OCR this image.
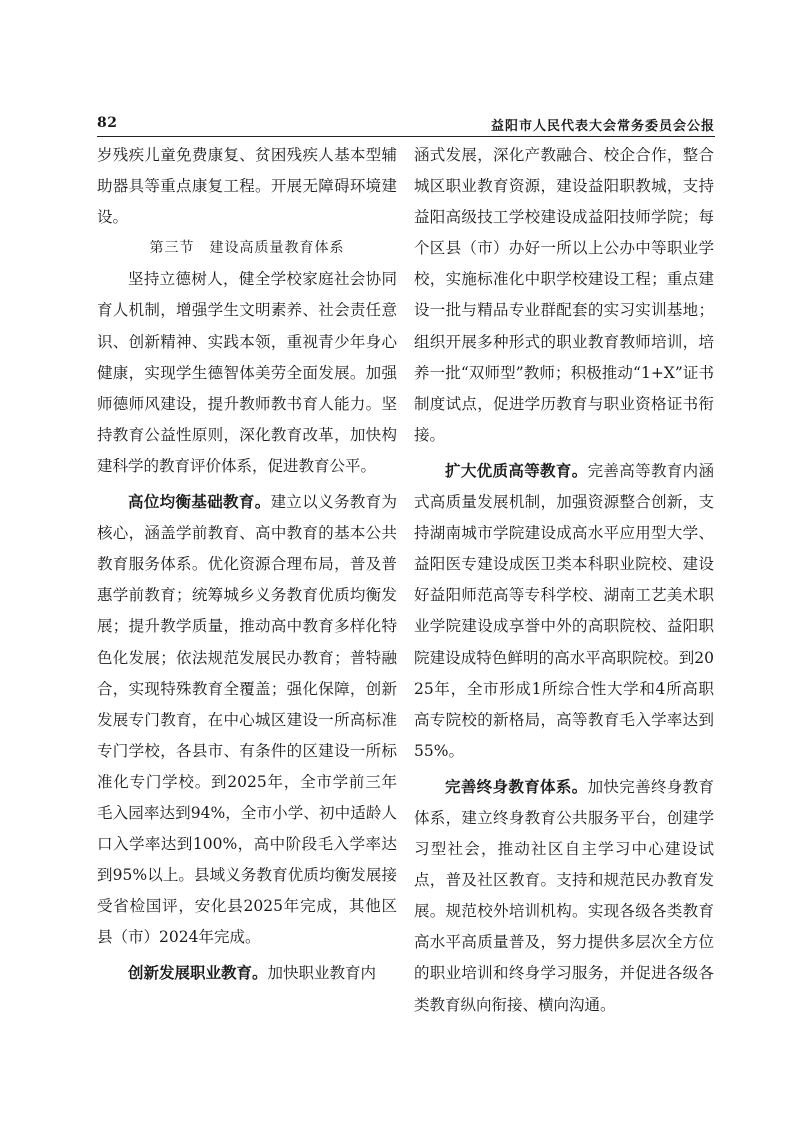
82	益阳市人民代表大会常务委员会公报

岁残疾儿童免费康复、贫困残疾人基本型辅助器具等重点康复工程。开展无障碍环境建设。

第三节　建设高质量教育体系

坚持立德树人，健全学校家庭社会协同育人机制，增强学生文明素养、社会责任意识、创新精神、实践本领，重视青少年身心健康，实现学生德智体美劳全面发展。加强师德师风建设，提升教师教书育人能力。坚持教育公益性原则，深化教育改革，加快构建科学的教育评价体系，促进教育公平。

高位均衡基础教育。建立以义务教育为核心，涵盖学前教育、高中教育的基本公共教育服务体系。优化资源合理布局，普及普惠学前教育；统筹城乡义务教育优质均衡发展；提升教学质量，推动高中教育多样化特色化发展；依法规范发展民办教育；普特融合，实现特殊教育全覆盖；强化保障，创新发展专门教育，在中心城区建设一所高标准专门学校，各县市、有条件的区建设一所标准化专门学校。到2025年，全市学前三年毛入园率达到94%，全市小学、初中适龄人口入学率达到100%，高中阶段毛入学率达到95%以上。县域义务教育优质均衡发展接受省检国评，安化县2025年完成，其他区县（市）2024年完成。

创新发展职业教育。加快职业教育内

涵式发展，深化产教融合、校企合作，整合城区职业教育资源，建设益阳职教城，支持益阳高级技工学校建设成益阳技师学院；每个区县（市）办好一所以上公办中等职业学校，实施标准化中职学校建设工程；重点建设一批与精品专业群配套的实习实训基地；组织开展多种形式的职业教育教师培训，培养一批“双师型”教师；积极推动“1+X”证书制度试点，促进学历教育与职业资格证书衔接。

扩大优质高等教育。完善高等教育内涵式高质量发展机制，加强资源整合创新，支持湖南城市学院建设成高水平应用型大学、益阳医专建设成医卫类本科职业院校、建设好益阳师范高等专科学校、湖南工艺美术职业学院建设成享誉中外的高职院校、益阳职院建设成特色鲜明的高水平高职院校。到2025年，全市形成1所综合性大学和4所高职高专院校的新格局，高等教育毛入学率达到55%。

完善终身教育体系。加快完善终身教育体系，建立终身教育公共服务平台，创建学习型社会，推动社区自主学习中心建设试点，普及社区教育。支持和规范民办教育发展。规范校外培训机构。实现各级各类教育高水平高质量普及，努力提供多层次全方位的职业培训和终身学习服务，并促进各级各类教育纵向衔接、横向沟通。
